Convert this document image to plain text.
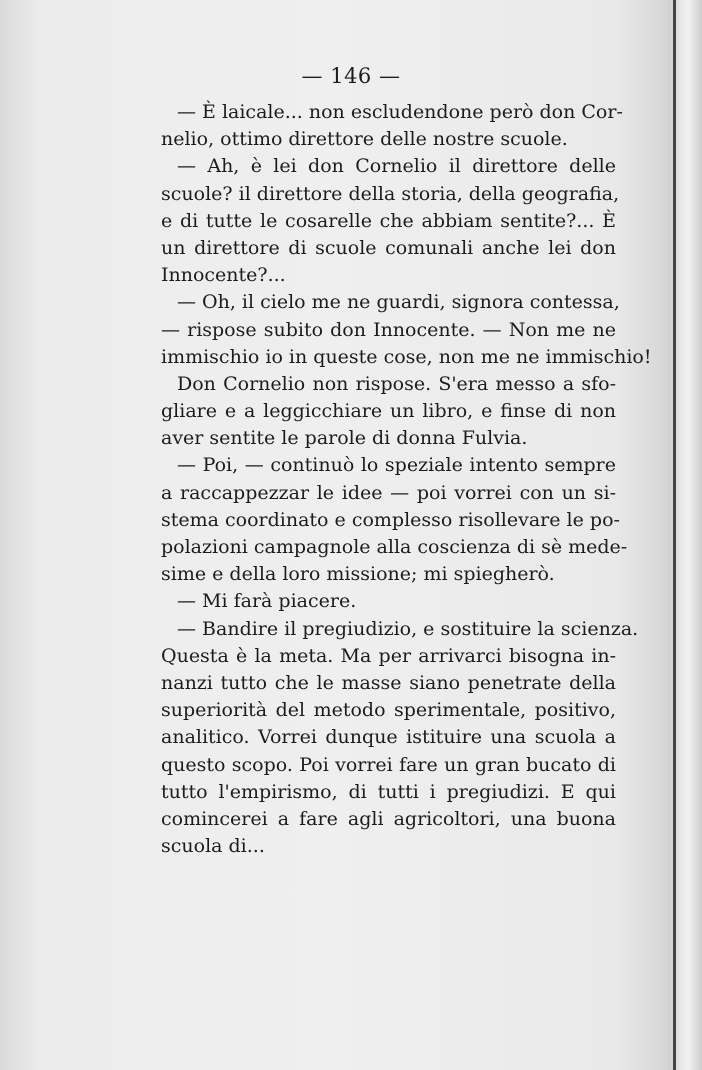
— 146 —
— È laicale... non escludendone però don Cor-
nelio, ottimo direttore delle nostre scuole.
— Ah, è lei don Cornelio il direttore delle
scuole? il direttore della storia, della geografia,
e di tutte le cosarelle che abbiam sentite?... È
un direttore di scuole comunali anche lei don
Innocente?...
— Oh, il cielo me ne guardi, signora contessa,
— rispose subito don Innocente. — Non me ne
immischio io in queste cose, non me ne immischio!
Don Cornelio non rispose. S'era messo a sfo-
gliare e a leggicchiare un libro, e finse di non
aver sentite le parole di donna Fulvia.
— Poi, — continuò lo speziale intento sempre
a raccappezzar le idee — poi vorrei con un si-
stema coordinato e complesso risollevare le po-
polazioni campagnole alla coscienza di sè mede-
sime e della loro missione; mi spiegherò.
— Mi farà piacere.
— Bandire il pregiudizio, e sostituire la scienza.
Questa è la meta. Ma per arrivarci bisogna in-
nanzi tutto che le masse siano penetrate della
superiorità del metodo sperimentale, positivo,
analitico. Vorrei dunque istituire una scuola a
questo scopo. Poi vorrei fare un gran bucato di
tutto l'empirismo, di tutti i pregiudizi. E qui
comincerei a fare agli agricoltori, una buona
scuola di...
